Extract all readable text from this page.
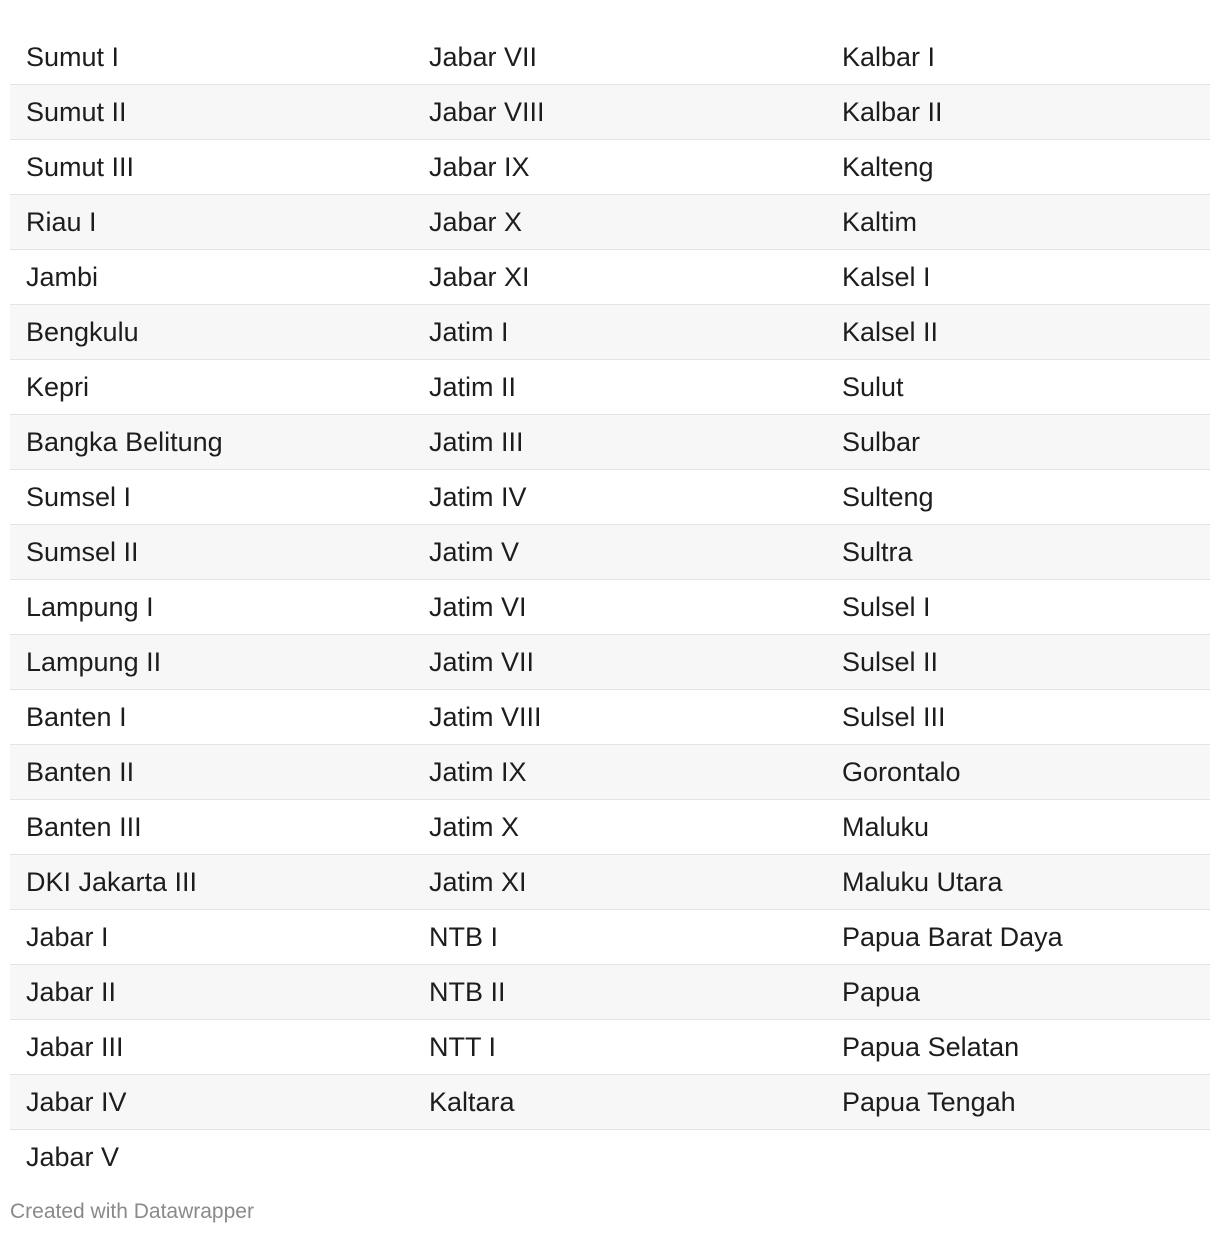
Sumut I	Jabar VII	Kalbar I
Sumut II	Jabar VIII	Kalbar II
Sumut III	Jabar IX	Kalteng
Riau I	Jabar X	Kaltim
Jambi	Jabar XI	Kalsel I
Bengkulu	Jatim I	Kalsel II
Kepri	Jatim II	Sulut
Bangka Belitung	Jatim III	Sulbar
Sumsel I	Jatim IV	Sulteng
Sumsel II	Jatim V	Sultra
Lampung I	Jatim VI	Sulsel I
Lampung II	Jatim VII	Sulsel II
Banten I	Jatim VIII	Sulsel III
Banten II	Jatim IX	Gorontalo
Banten III	Jatim X	Maluku
DKI Jakarta III	Jatim XI	Maluku Utara
Jabar I	NTB I	Papua Barat Daya
Jabar II	NTB II	Papua
Jabar III	NTT I	Papua Selatan
Jabar IV	Kaltara	Papua Tengah
Jabar V		
Created with Datawrapper
